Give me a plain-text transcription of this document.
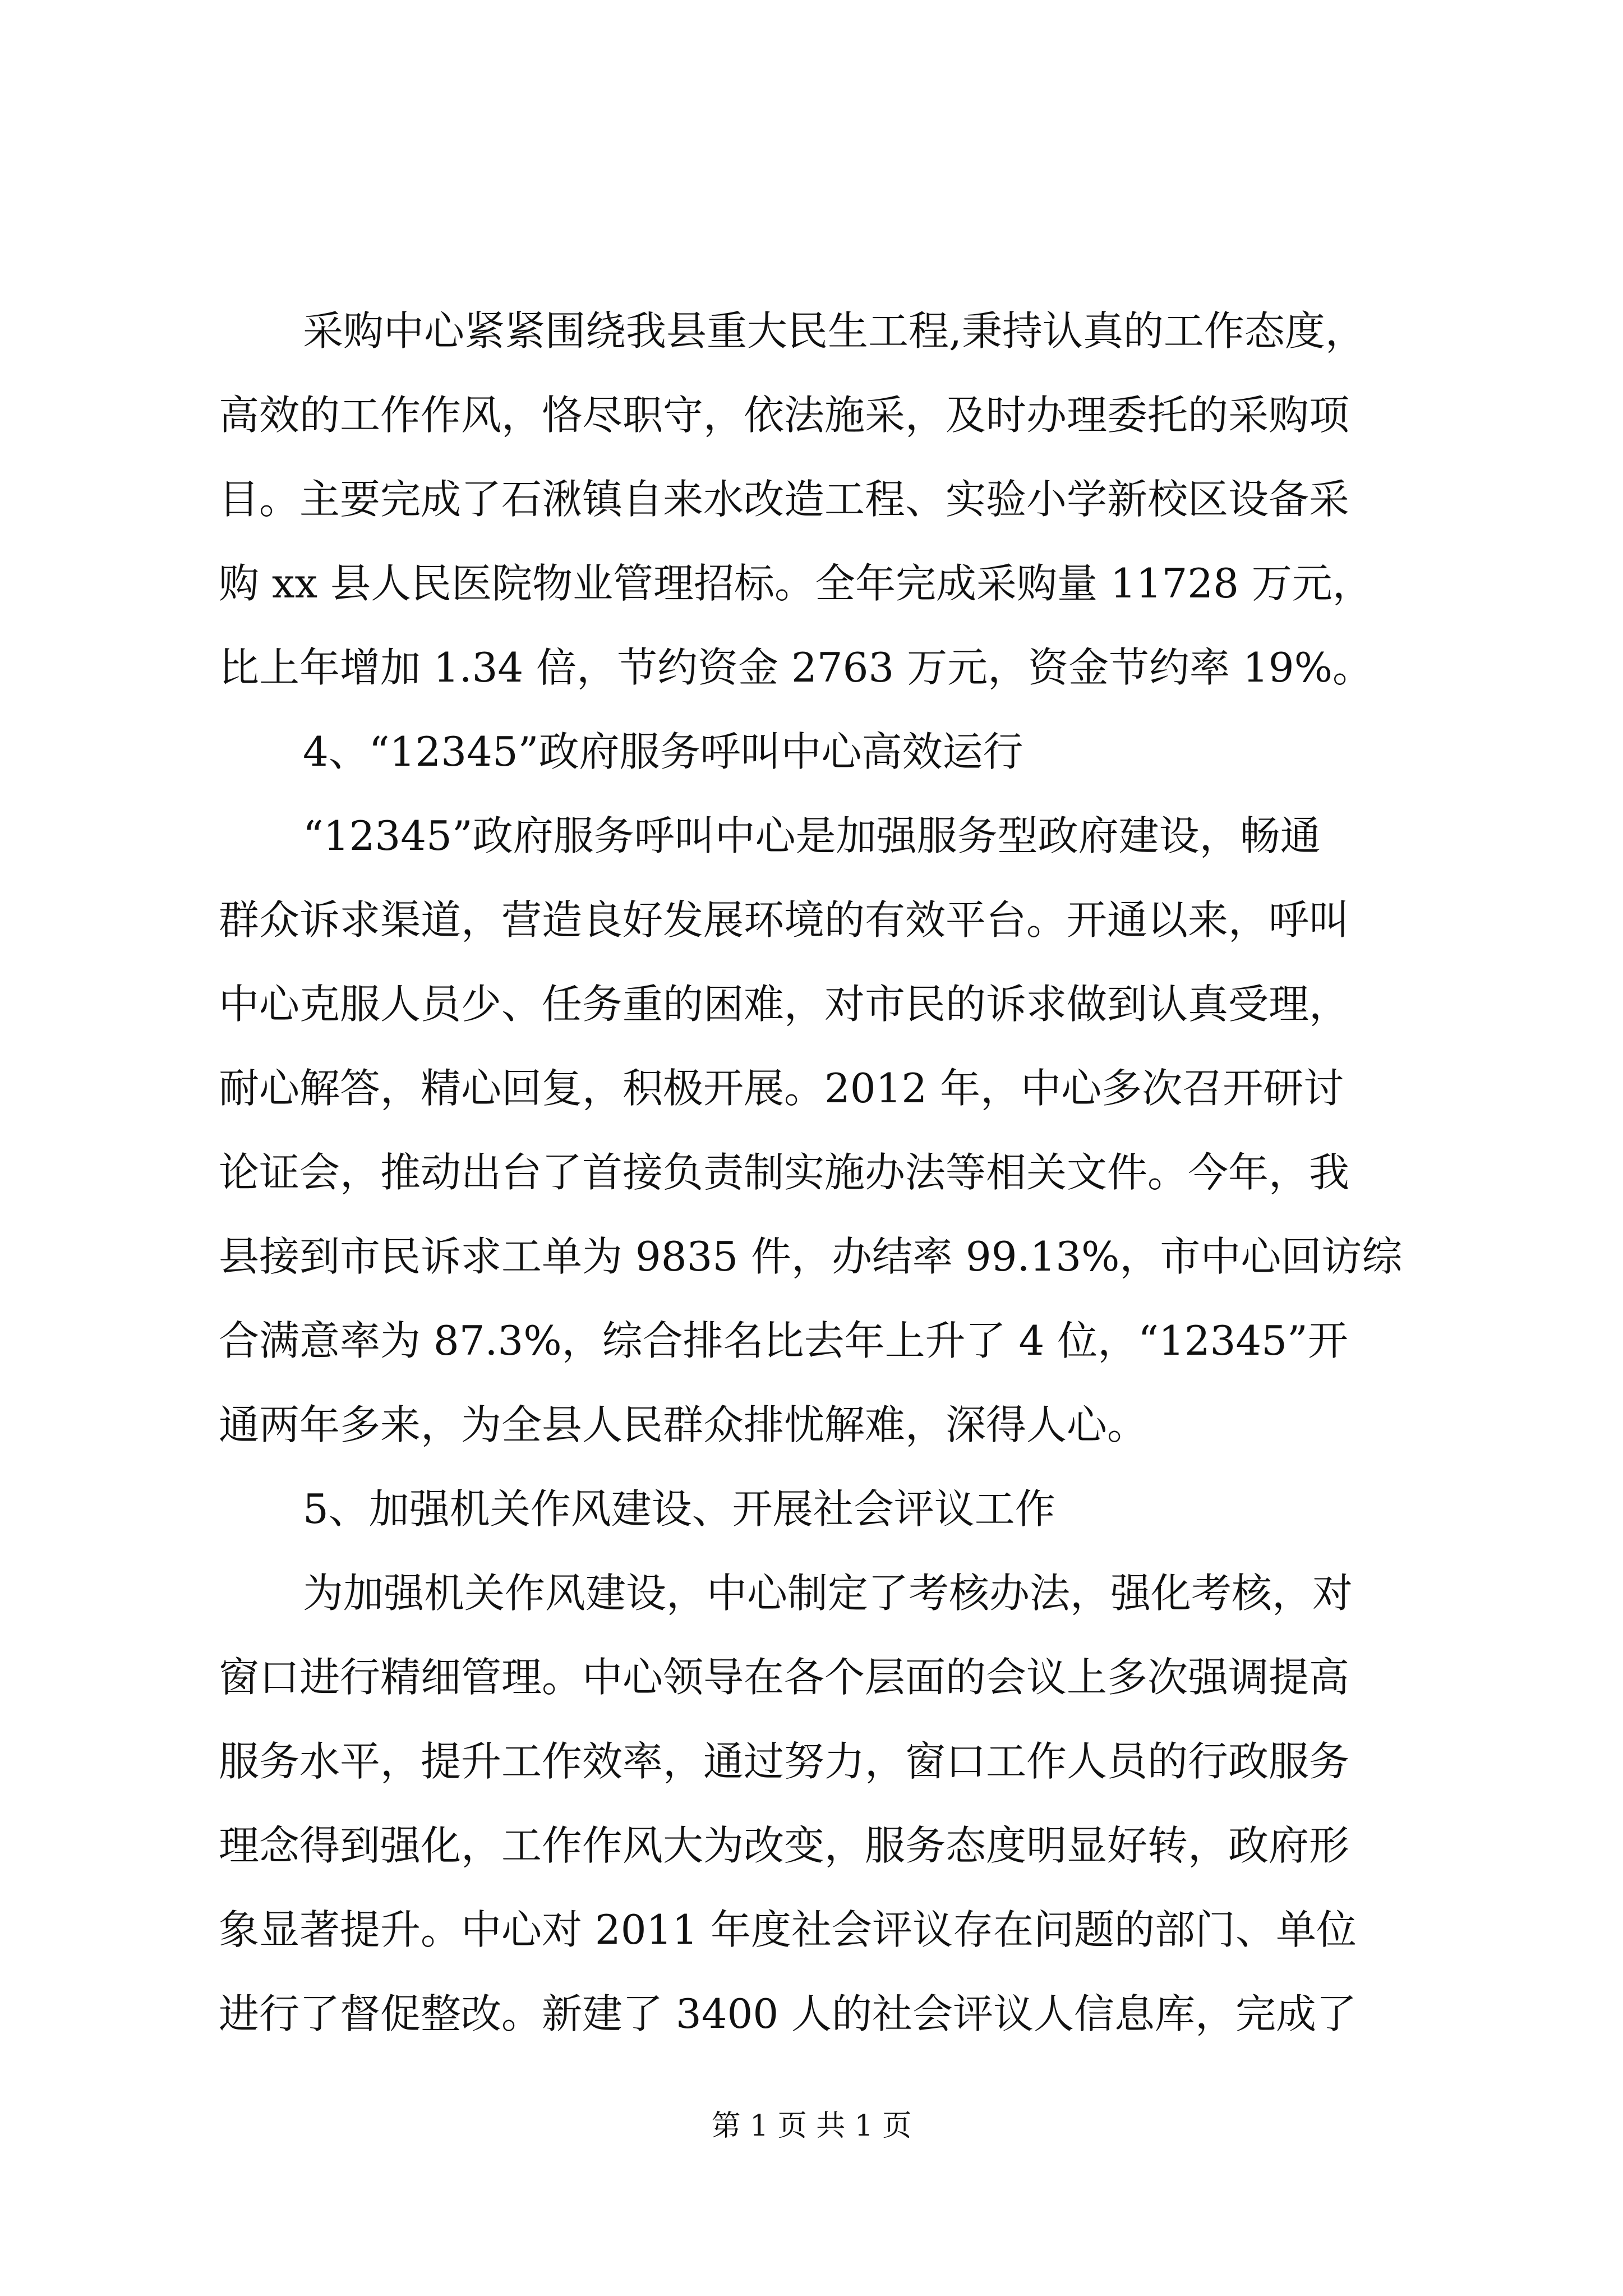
采购中心紧紧围绕我县重大民生工程,秉持认真的工作态度，
高效的工作作风，恪尽职守，依法施采，及时办理委托的采购项
目。主要完成了石湫镇自来水改造工程、实验小学新校区设备采
购 xx 县人民医院物业管理招标。全年完成采购量 11728 万元，
比上年增加 1.34 倍，节约资金 2763 万元，资金节约率 19%。
4、“12345”政府服务呼叫中心高效运行
“12345”政府服务呼叫中心是加强服务型政府建设，畅通
群众诉求渠道，营造良好发展环境的有效平台。开通以来，呼叫
中心克服人员少、任务重的困难，对市民的诉求做到认真受理，
耐心解答，精心回复，积极开展。2012 年，中心多次召开研讨
论证会，推动出台了首接负责制实施办法等相关文件。今年，我
县接到市民诉求工单为 9835 件，办结率 99.13%，市中心回访综
合满意率为 87.3%，综合排名比去年上升了 4 位，“12345”开
通两年多来，为全县人民群众排忧解难，深得人心。
5、加强机关作风建设、开展社会评议工作
为加强机关作风建设，中心制定了考核办法，强化考核，对
窗口进行精细管理。中心领导在各个层面的会议上多次强调提高
服务水平，提升工作效率，通过努力，窗口工作人员的行政服务
理念得到强化，工作作风大为改变，服务态度明显好转，政府形
象显著提升。中心对 2011 年度社会评议存在问题的部门、单位
进行了督促整改。新建了 3400 人的社会评议人信息库，完成了
第 1 页 共 1 页
